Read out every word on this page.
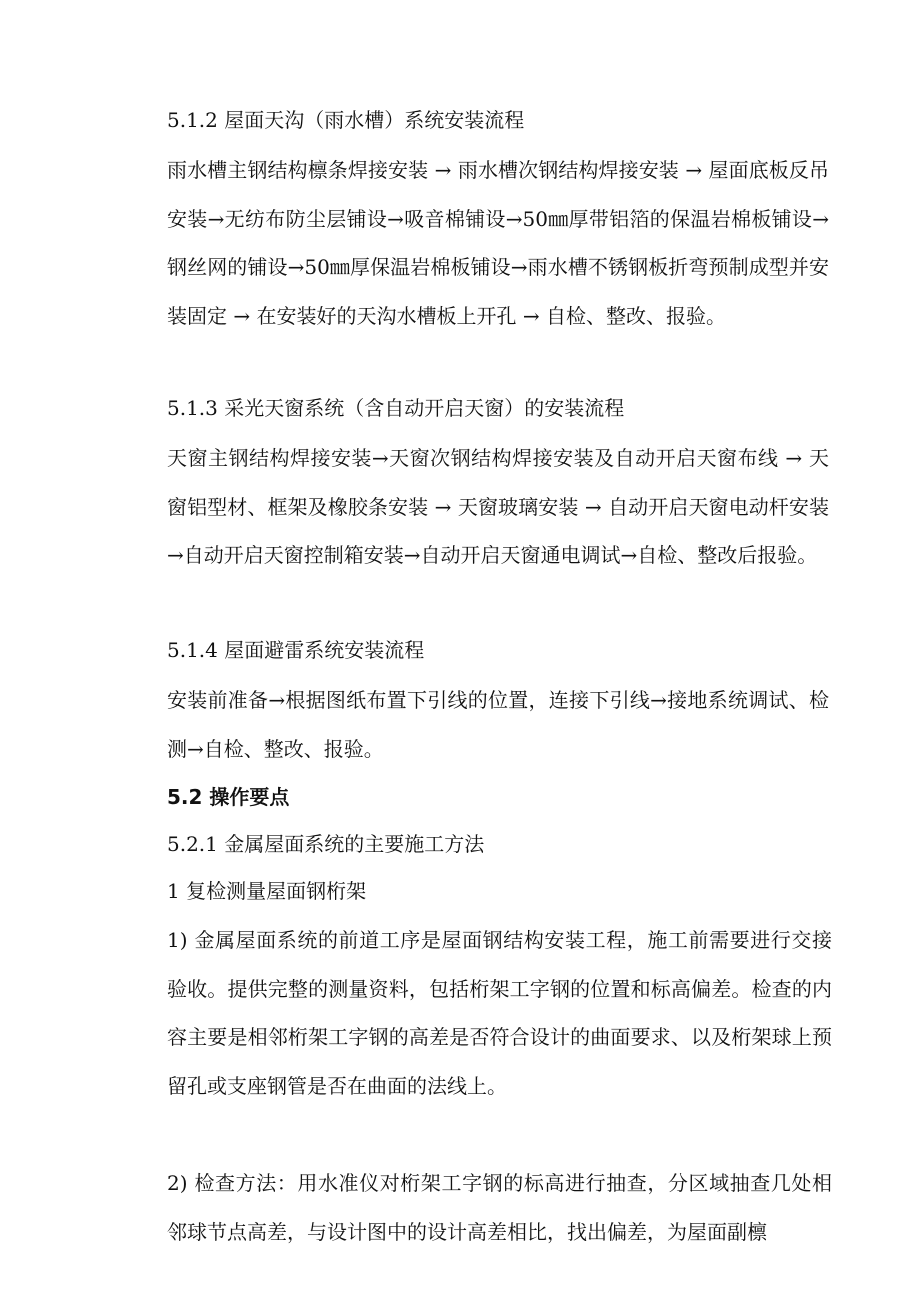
5.1.2 屋面天沟（雨水槽）系统安装流程
雨水槽主钢结构檩条焊接安装 → 雨水槽次钢结构焊接安装 → 屋面底板反吊安装→无纺布防尘层铺设→吸音棉铺设→50㎜厚带铝箔的保温岩棉板铺设→钢丝网的铺设→50㎜厚保温岩棉板铺设→雨水槽不锈钢板折弯预制成型并安装固定 → 在安装好的天沟水槽板上开孔 → 自检、整改、报验。
5.1.3 采光天窗系统（含自动开启天窗）的安装流程
天窗主钢结构焊接安装→天窗次钢结构焊接安装及自动开启天窗布线 → 天窗铝型材、框架及橡胶条安装 → 天窗玻璃安装 → 自动开启天窗电动杆安装→自动开启天窗控制箱安装→自动开启天窗通电调试→自检、整改后报验。
5.1.4 屋面避雷系统安装流程
安装前准备→根据图纸布置下引线的位置，连接下引线→接地系统调试、检测→自检、整改、报验。
5.2 操作要点
5.2.1 金属屋面系统的主要施工方法
1 复检测量屋面钢桁架
1) 金属屋面系统的前道工序是屋面钢结构安装工程，施工前需要进行交接验收。提供完整的测量资料，包括桁架工字钢的位置和标高偏差。检查的内容主要是相邻桁架工字钢的高差是否符合设计的曲面要求、以及桁架球上预留孔或支座钢管是否在曲面的法线上。
2) 检查方法：用水准仪对桁架工字钢的标高进行抽查，分区域抽查几处相邻球节点高差，与设计图中的设计高差相比，找出偏差，为屋面副檩
